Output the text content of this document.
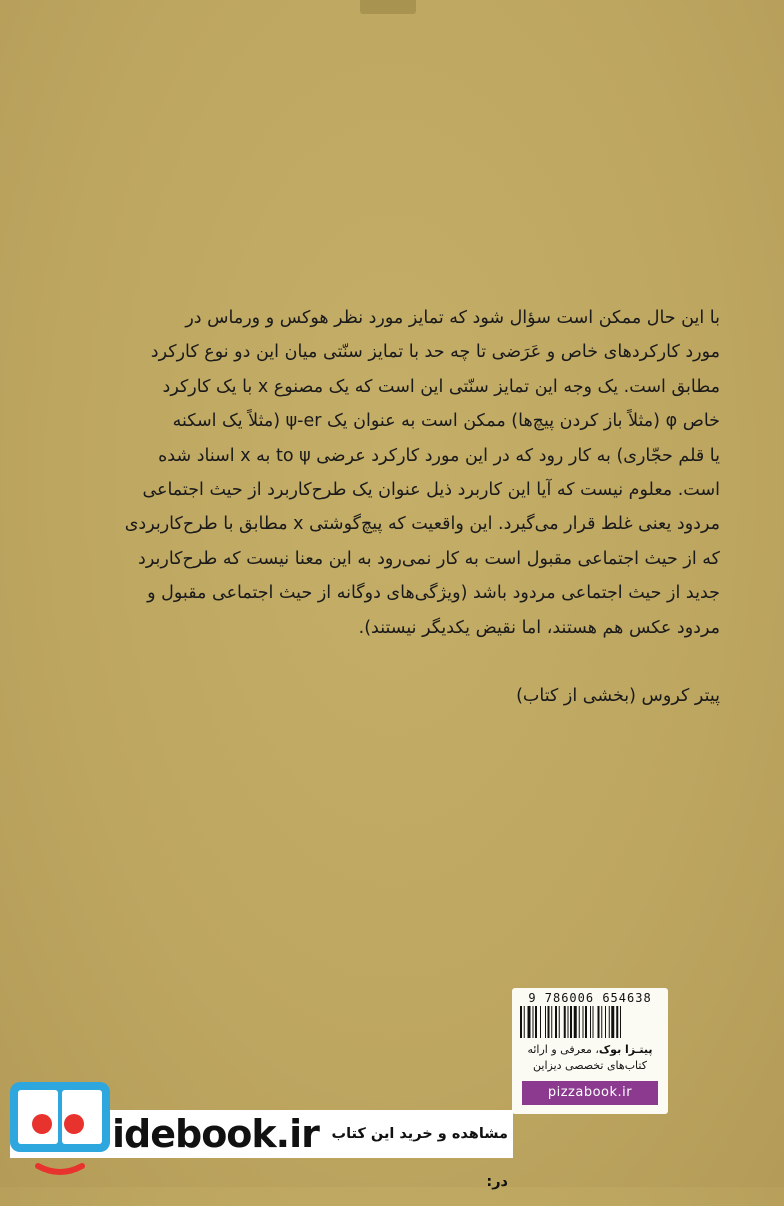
با این حال ممکن است سؤال شود که تمایز مورد نظر هوکس و ورماس در

مورد کارکردهای خاص و عَرَضی تا چه حد با تمایز سنّتی میان این دو نوع کارکرد

مطابق است. یک وجه این تمایز سنّتی این است که یک مصنوع x با یک کارکرد

خاص φ (مثلاً باز کردن پیچ‌ها) ممکن است به عنوان یک ψ-er (مثلاً یک اسکنه

یا قلم حجّاری) به کار رود که در این مورد کارکرد عرضی to ψ به x اسناد شده

است. معلوم نیست که آیا این کاربرد ذیل عنوان یک طرح‌کاربرد از حیث اجتماعی

مردود یعنی غلط قرار می‌گیرد. این واقعیت که پیچ‌گوشتی x مطابق با طرح‌کاربردی

که از حیث اجتماعی مقبول است به کار نمی‌رود به این معنا نیست که طرح‌کاربرد

جدید از حیث اجتماعی مردود باشد (ویژگی‌های دوگانه از حیث اجتماعی مقبول و

مردود عکس هم هستند، اما نقیض یکدیگر نیستند).

پیتر کروس (بخشی از کتاب)
9 786006 654638
پیتـزا بوک، معرفی و ارائه
کتاب‌های تخصصی دیزاین
pizzabook.ir
idebook.ir مشاهده و خرید این کتاب در:
